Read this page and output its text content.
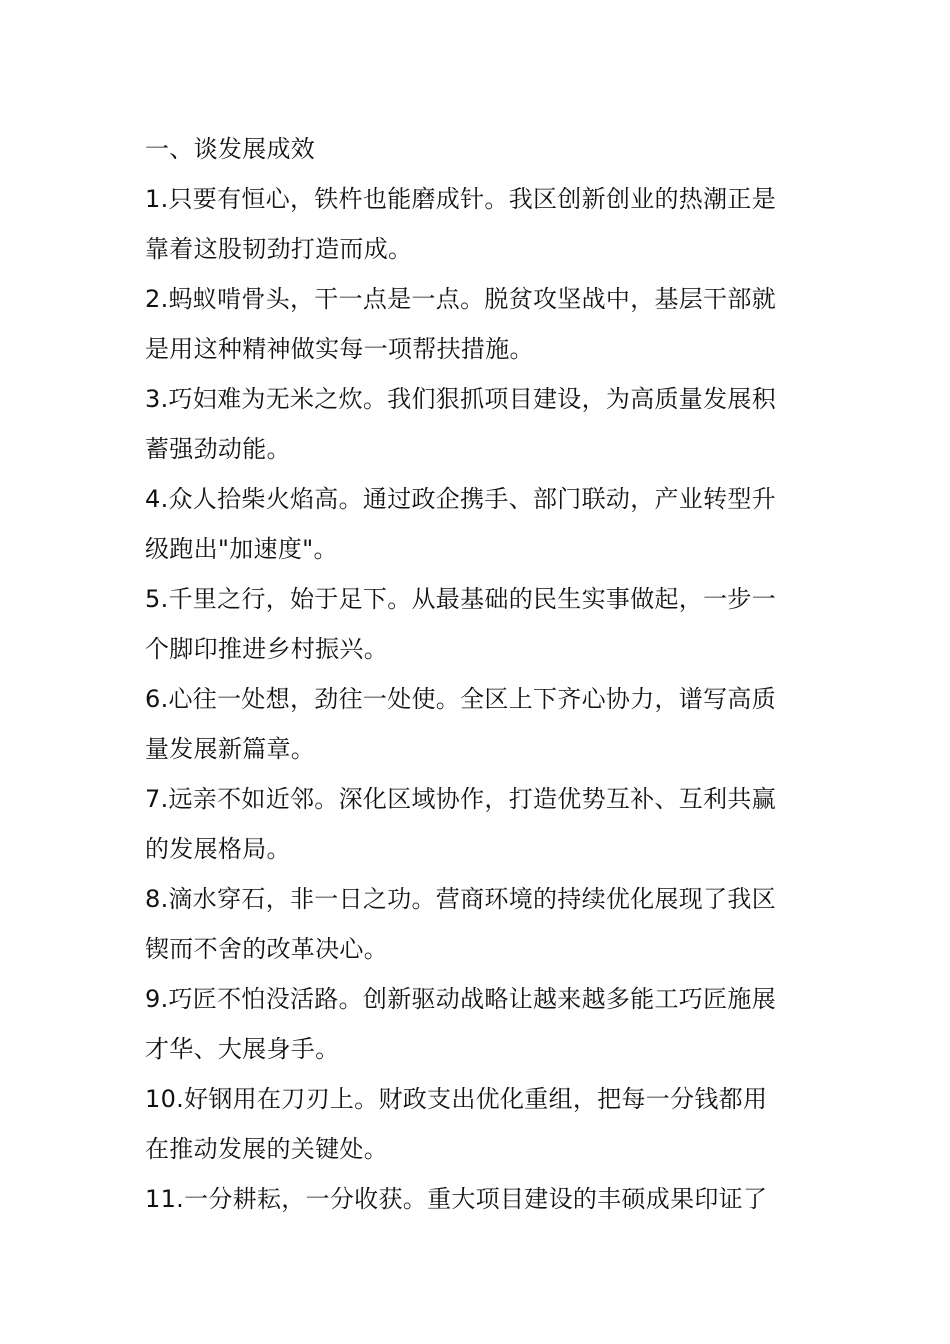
一、谈发展成效
1.只要有恒心，铁杵也能磨成针。我区创新创业的热潮正是
靠着这股韧劲打造而成。
2.蚂蚁啃骨头，干一点是一点。脱贫攻坚战中，基层干部就
是用这种精神做实每一项帮扶措施。
3.巧妇难为无米之炊。我们狠抓项目建设，为高质量发展积
蓄强劲动能。
4.众人拾柴火焰高。通过政企携手、部门联动，产业转型升
级跑出"加速度"。
5.千里之行，始于足下。从最基础的民生实事做起，一步一
个脚印推进乡村振兴。
6.心往一处想，劲往一处使。全区上下齐心协力，谱写高质
量发展新篇章。
7.远亲不如近邻。深化区域协作，打造优势互补、互利共赢
的发展格局。
8.滴水穿石，非一日之功。营商环境的持续优化展现了我区
锲而不舍的改革决心。
9.巧匠不怕没活路。创新驱动战略让越来越多能工巧匠施展
才华、大展身手。
10.好钢用在刀刃上。财政支出优化重组，把每一分钱都用
在推动发展的关键处。
11.一分耕耘，一分收获。重大项目建设的丰硕成果印证了
